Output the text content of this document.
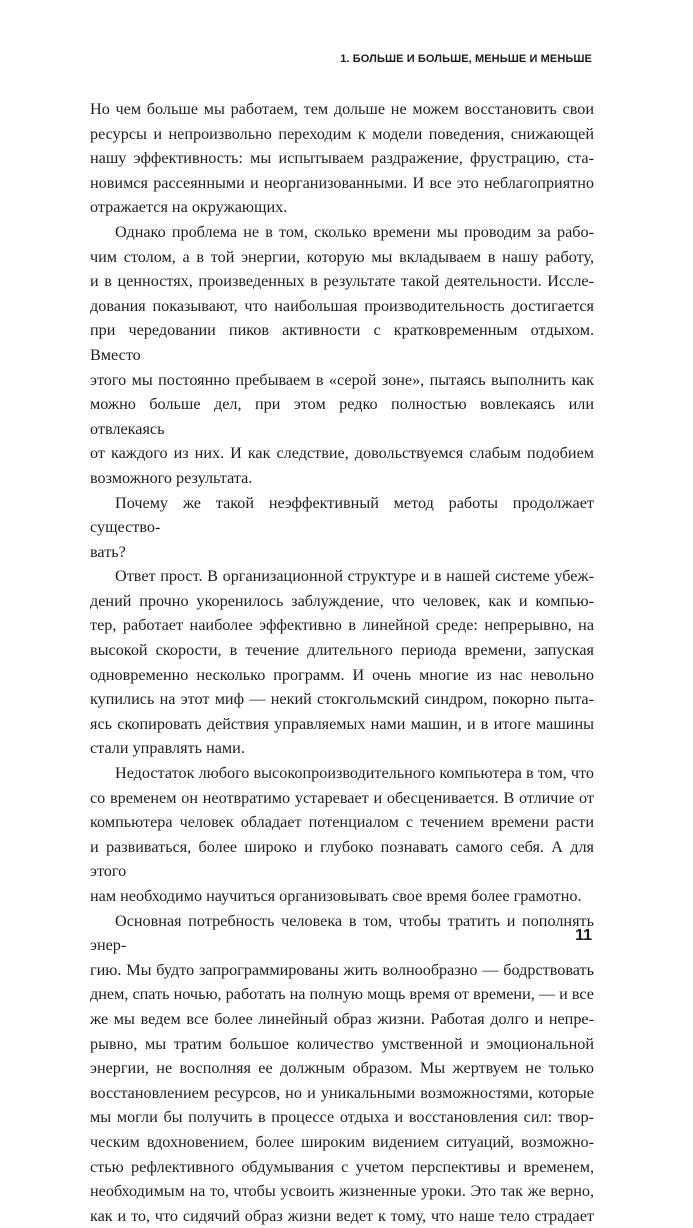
1. БОЛЬШЕ И БОЛЬШЕ, МЕНЬШЕ И МЕНЬШЕ

Но чем больше мы работаем, тем дольше не можем восстановить свои
ресурсы и непроизвольно переходим к модели поведения, снижающей
нашу эффективность: мы испытываем раздражение, фрустрацию, ста-
новимся рассеянными и неорганизованными. И все это неблагоприятно
отражается на окружающих.

Однако проблема не в том, сколько времени мы проводим за рабо-
чим столом, а в той энергии, которую мы вкладываем в нашу работу,
и в ценностях, произведенных в результате такой деятельности. Иссле-
дования показывают, что наибольшая производительность достигается
при чередовании пиков активности с кратковременным отдыхом. Вместо
этого мы постоянно пребываем в «серой зоне», пытаясь выполнить как
можно больше дел, при этом редко полностью вовлекаясь или отвлекаясь
от каждого из них. И как следствие, довольствуемся слабым подобием
возможного результата.

Почему же такой неэффективный метод работы продолжает существо-
вать?

Ответ прост. В организационной структуре и в нашей системе убеж-
дений прочно укоренилось заблуждение, что человек, как и компью-
тер, работает наиболее эффективно в линейной среде: непрерывно, на
высокой скорости, в течение длительного периода времени, запуская
одновременно несколько программ. И очень многие из нас невольно
купились на этот миф — некий стокгольмский синдром, покорно пыта-
ясь скопировать действия управляемых нами машин, и в итоге машины
стали управлять нами.

Недостаток любого высокопроизводительного компьютера в том, что
со временем он неотвратимо устаревает и обесценивается. В отличие от
компьютера человек обладает потенциалом с течением времени расти
и развиваться, более широко и глубоко познавать самого себя. А для этого
нам необходимо научиться организовывать свое время более грамотно.

Основная потребность человека в том, чтобы тратить и пополнять энер-
гию. Мы будто запрограммированы жить волнообразно — бодрствовать
днем, спать ночью, работать на полную мощь время от времени, — и все
же мы ведем все более линейный образ жизни. Работая долго и непре-
рывно, мы тратим большое количество умственной и эмоциональной
энергии, не восполняя ее должным образом. Мы жертвуем не только
восстановлением ресурсов, но и уникальными возможностями, которые
мы могли бы получить в процессе отдыха и восстановления сил: твор-
ческим вдохновением, более широким видением ситуаций, возможно-
стью рефлективного обдумывания с учетом перспективы и временем,
необходимым на то, чтобы усвоить жизненные уроки. Это так же верно,
как и то, что сидячий образ жизни ведет к тому, что наше тело страдает

11
